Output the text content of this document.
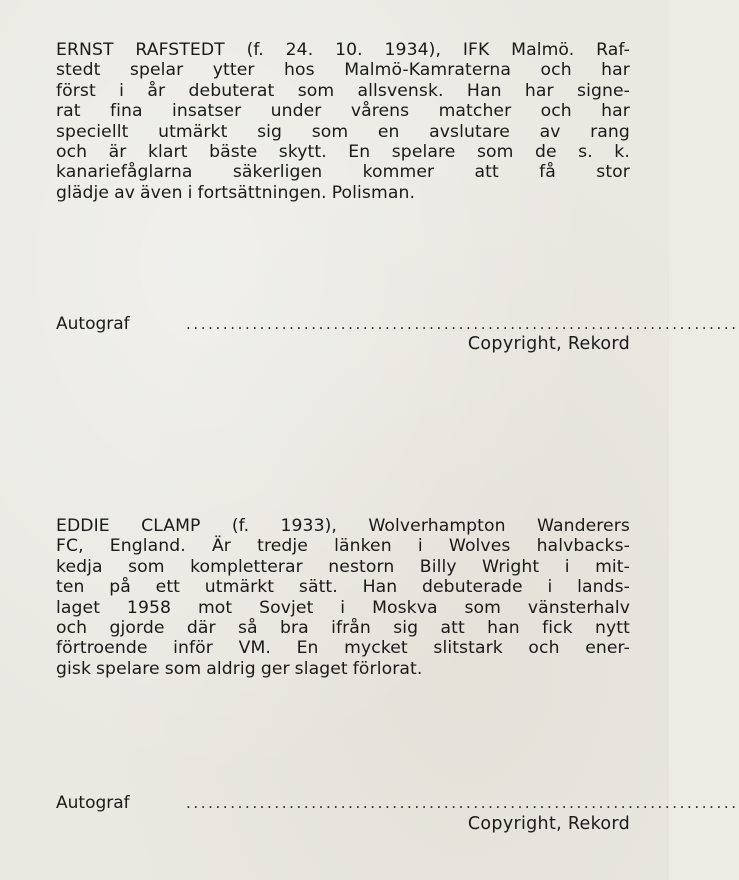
ERNST RAFSTEDT (f. 24. 10. 1934), IFK Malmö. Raf-
stedt spelar ytter hos Malmö-Kamraterna och har
först i år debuterat som allsvensk. Han har signe-
rat fina insatser under vårens matcher och har
speciellt utmärkt sig som en avslutare av rang
och är klart bäste skytt. En spelare som de s. k.
kanariefåglarna säkerligen kommer att få stor
glädje av även i fortsättningen. Polisman.
Autograf	...........................................................................
Copyright, Rekord
EDDIE CLAMP (f. 1933), Wolverhampton Wanderers
FC, England. Är tredje länken i Wolves halvbacks-
kedja som kompletterar nestorn Billy Wright i mit-
ten på ett utmärkt sätt. Han debuterade i lands-
laget 1958 mot Sovjet i Moskva som vänsterhalv
och gjorde där så bra ifrån sig att han fick nytt
förtroende inför VM. En mycket slitstark och ener-
gisk spelare som aldrig ger slaget förlorat.
Autograf	...........................................................................
Copyright, Rekord
